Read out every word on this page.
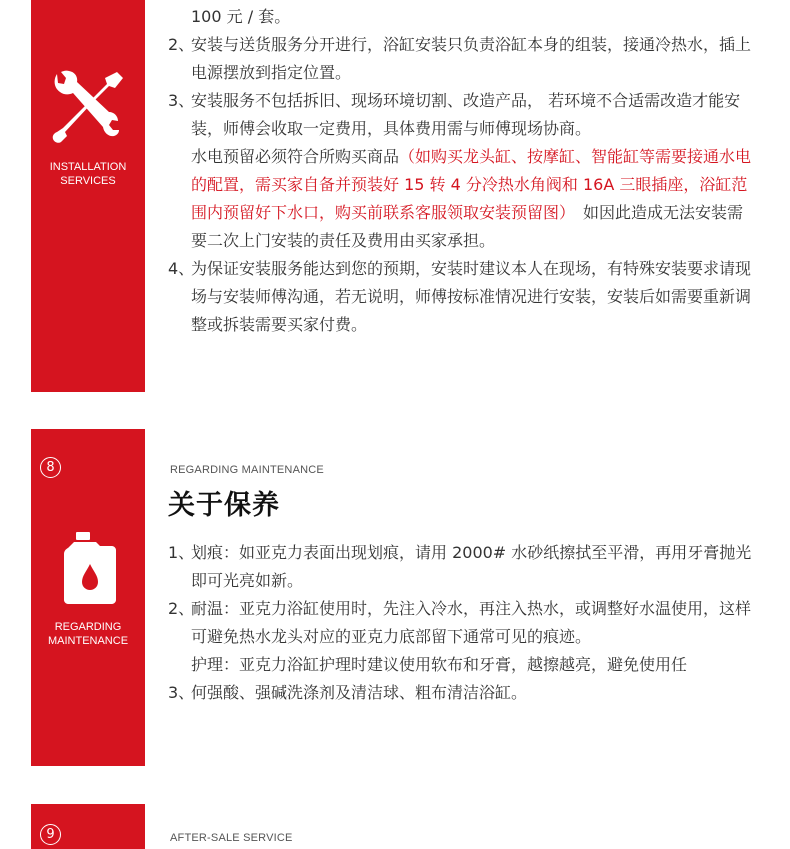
INSTALLATION
SERVICES
100 元 / 套。
2、
安装与送货服务分开进行，浴缸安装只负责浴缸本身的组装，接通冷热水，插上电源摆放到指定位置。
3、
安装服务不包括拆旧、现场环境切割、改造产品， 若环境不合适需改造才能安装，师傅会收取一定费用，具体费用需与师傅现场协商。
水电预留必须符合所购买商品（如购买龙头缸、按摩缸、智能缸等需要接通水电的配置，需买家自备并预装好 15 转 4 分冷热水角阀和 16A 三眼插座，浴缸范围内预留好下水口，购买前联系客服领取安装预留图）　如因此造成无法安装需要二次上门安装的责任及费用由买家承担。
4、
为保证安装服务能达到您的预期，安装时建议本人在现场，有特殊安装要求请现场与安装师傅沟通，若无说明，师傅按标准情况进行安装，安装后如需要重新调整或拆装需要买家付费。
8
REGARDING
MAINTENANCE
REGARDING MAINTENANCE
关于保养
1、
划痕：如亚克力表面出现划痕，请用 2000# 水砂纸擦拭至平滑，再用牙膏抛光即可光亮如新。
2、
耐温：亚克力浴缸使用时，先注入冷水，再注入热水，或调整好水温使用，这样可避免热水龙头对应的亚克力底部留下通常可见的痕迹。
护理：亚克力浴缸护理时建议使用软布和牙膏，越擦越亮，避免使用任
3、
何强酸、强碱洗涤剂及清洁球、粗布清洁浴缸。
9	AFTER-SALE SERVICE
